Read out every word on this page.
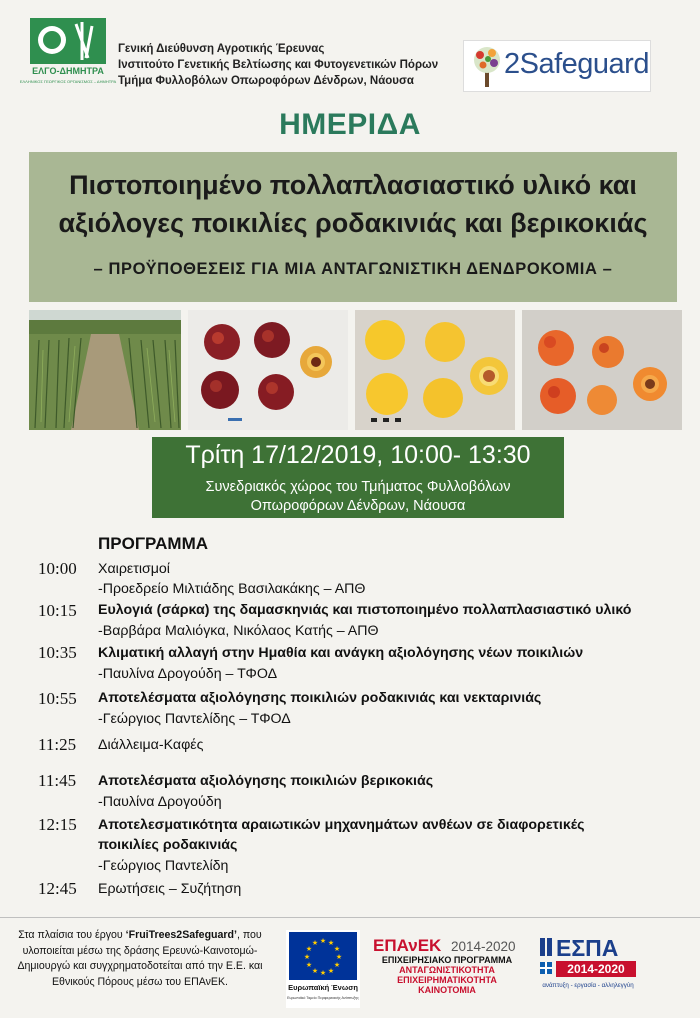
ΕΛΓΟ-ΔΗΜΗΤΡΑ
ΕΛΛΗΝΙΚΟΣ ΓΕΩΡΓΙΚΟΣ ΟΡΓΑΝΙΣΜΟΣ – ΔΗΜΗΤΡΑ
Γενική Διεύθυνση Αγροτικής Έρευνας
Ινστιτούτο Γενετικής Βελτίωσης και Φυτογενετικών Πόρων
Τμήμα Φυλλοβόλων Οπωροφόρων Δένδρων, Νάουσα
2Safeguard
ΗΜΕΡΙΔΑ
Πιστοποιημένο πολλαπλασιαστικό υλικό και
αξιόλογες ποικιλίες ροδακινιάς και βερικοκιάς
– ΠΡΟΫΠΟΘΕΣΕΙΣ ΓΙΑ ΜΙΑ ΑΝΤΑΓΩΝΙΣΤΙΚΗ ΔΕΝΔΡΟΚΟΜΙΑ –
Τρίτη 17/12/2019, 10:00- 13:30
Συνεδριακός χώρος του Τμήματος Φυλλοβόλων
Οπωροφόρων Δένδρων, Νάουσα
ΠΡΟΓΡΑΜΜΑ
10:00 Χαιρετισμοί
-Προεδρείο Μιλτιάδης Βασιλακάκης – ΑΠΘ
10:15 Ευλογιά (σάρκα) της δαμασκηνιάς και πιστοποιημένο πολλαπλασιαστικό υλικό
-Βαρβάρα Μαλιόγκα, Νικόλαος Κατής – ΑΠΘ
10:35 Κλιματική αλλαγή στην Ημαθία και ανάγκη αξιολόγησης νέων ποικιλιών
-Παυλίνα Δρογούδη – ΤΦΟΔ
10:55 Αποτελέσματα αξιολόγησης ποικιλιών ροδακινιάς και νεκταρινιάς
-Γεώργιος Παντελίδης – ΤΦΟΔ
11:25 Διάλλειμα-Καφές
11:45 Αποτελέσματα αξιολόγησης ποικιλιών βερικοκιάς
-Παυλίνα Δρογούδη
12:15 Αποτελεσματικότητα αραιωτικών μηχανημάτων ανθέων σε διαφορετικές
ποικιλίες ροδακινιάς
-Γεώργιος Παντελίδη
12:45 Ερωτήσεις – Συζήτηση
Στα πλαίσια του έργου ‘FruiTrees2Safeguard’, που υλοποιείται μέσω της δράσης Ερευνώ-Καινοτομώ-Δημιουργώ και συγχρηματοδοτείται από την Ε.Ε. και Εθνικούς Πόρους μέσω του ΕΠΑνΕΚ.
★ ★
★
★
★
★
★
★
★
★
★
★
Ευρωπαϊκή Ένωση
Ευρωπαϊκό Ταμείο Περιφερειακής Ανάπτυξης
ΕΠΑνΕΚ 2014-2020
ΕΠΙΧΕΙΡΗΣΙΑΚΟ ΠΡΟΓΡΑΜΜΑ
ΑΝΤΑΓΩΝΙΣΤΙΚΟΤΗΤΑ
ΕΠΙΧΕΙΡΗΜΑΤΙΚΟΤΗΤΑ
ΚΑΙΝΟΤΟΜΙΑ
ΕΣΠΑ
2014-2020
ανάπτυξη - εργασία - αλληλεγγύη
